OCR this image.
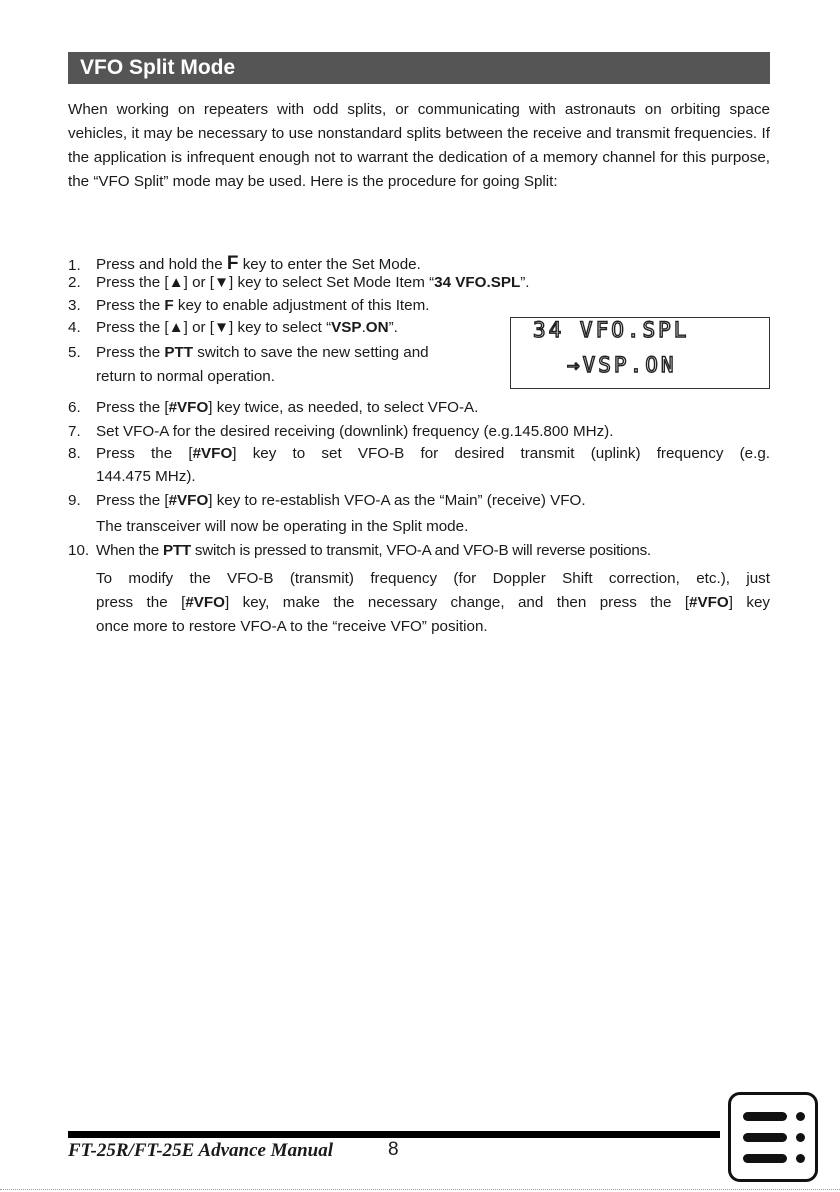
VFO Split Mode

When working on repeaters with odd splits, or communicating with astronauts on orbiting space vehicles, it may be necessary to use nonstandard splits between the receive and transmit frequencies. If the application is infrequent enough not to warrant the dedication of a memory channel for this purpose, the “VFO Split” mode may be used. Here is the procedure for going Split:

1.	Press and hold the F key to enter the Set Mode.
2.	Press the [▲] or [▼] key to select Set Mode Item “34 VFO.SPL”.
3.	Press the F key to enable adjustment of this Item.
4.	Press the [▲] or [▼] key to select “VSP.ON”.
5.	Press the PTT switch to save the new setting and
return to normal operation.
34 VFO.SPL
→VSP.ON
6.	Press the [#VFO] key twice, as needed, to select VFO-A.
7.	Set VFO-A for the desired receiving (downlink) frequency (e.g.145.800 MHz).
8.	Press the [#VFO] key to set VFO-B for desired transmit (uplink) frequency (e.g.
144.475 MHz).
9.	Press the [#VFO] key to re-establish VFO-A as the “Main” (receive) VFO.
The transceiver will now be operating in the Split mode.
10. When the PTT switch is pressed to transmit, VFO-A and VFO-B will reverse positions.
To modify the VFO-B (transmit) frequency (for Doppler Shift correction, etc.), just
press the [#VFO] key, make the necessary change, and then press the [#VFO] key
once more to restore VFO-A to the “receive VFO” position.
FT-25R/FT-25E Advance Manual	8
